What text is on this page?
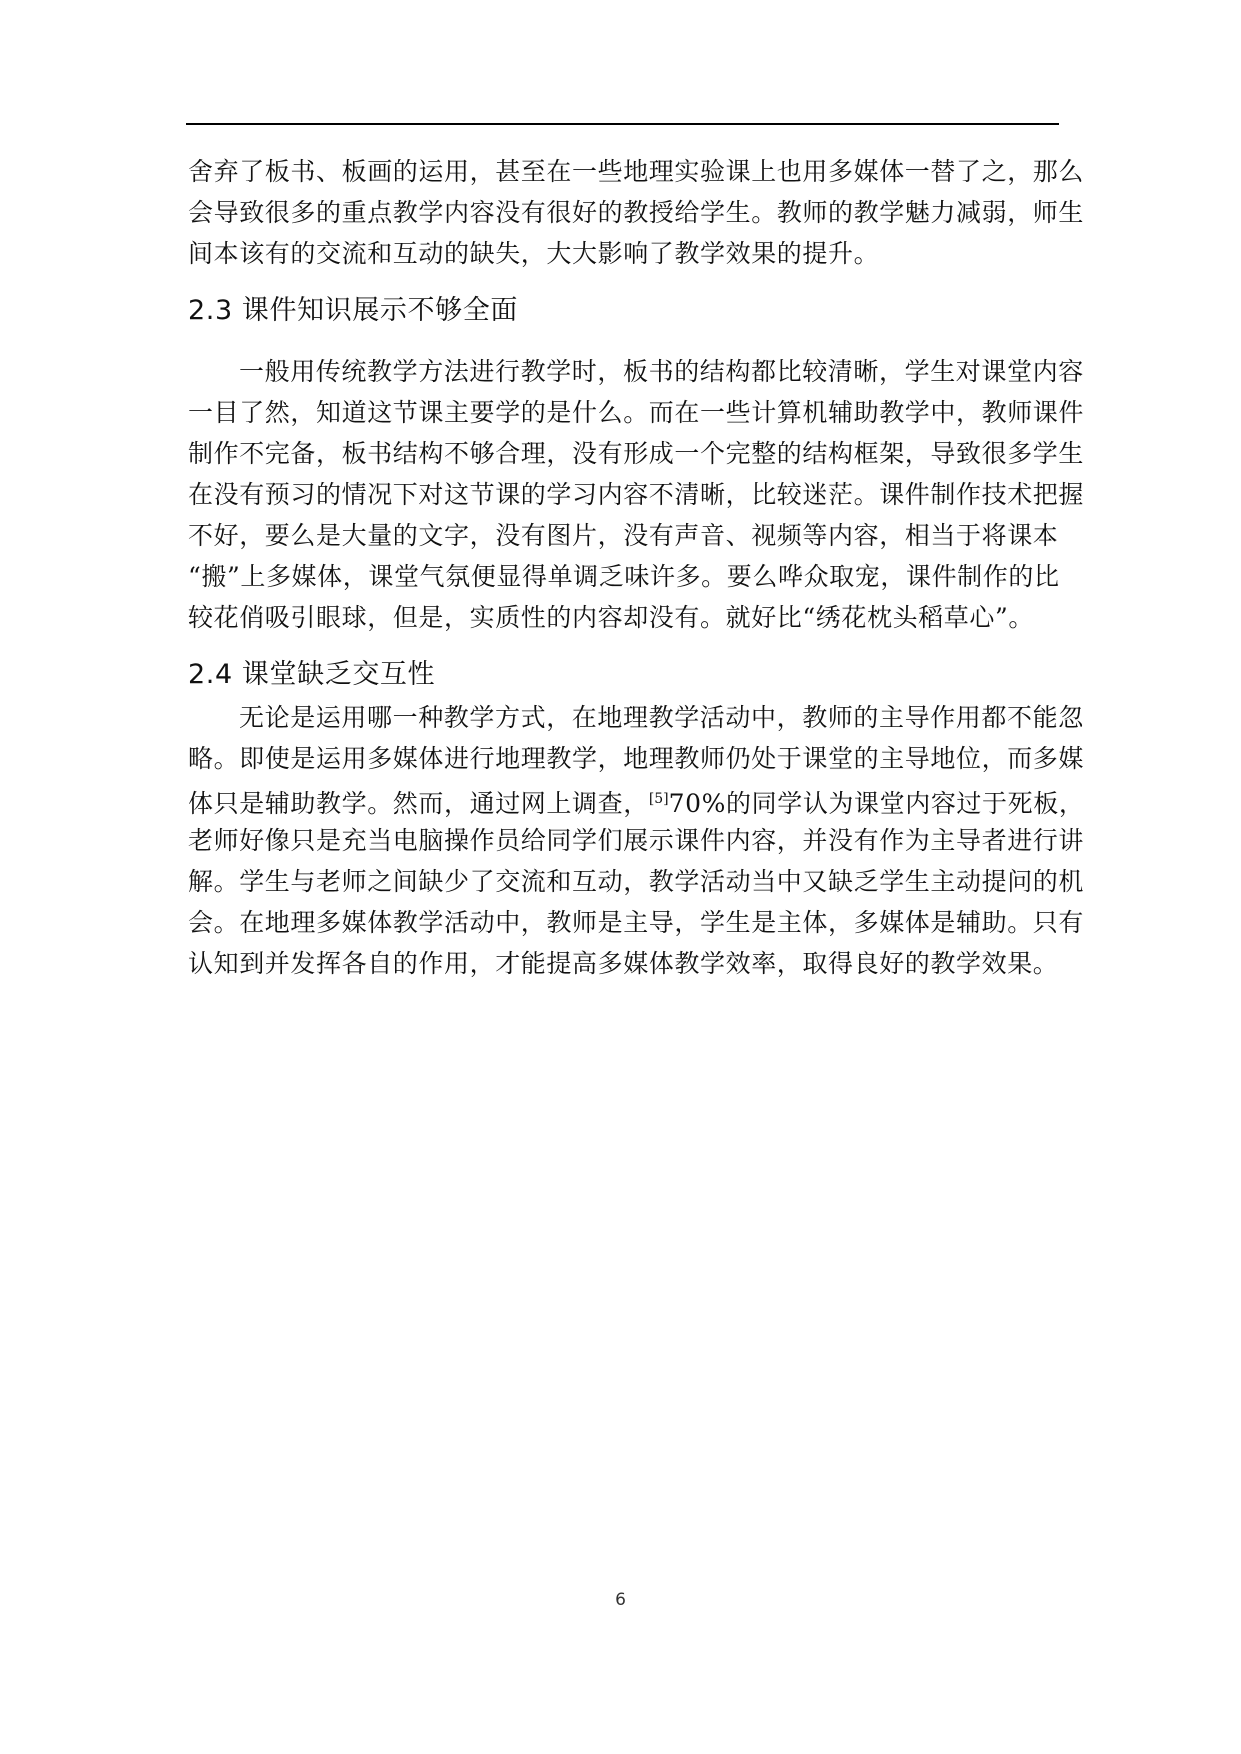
舍弃了板书、板画的运用，甚至在一些地理实验课上也用多媒体一替了之，那么
会导致很多的重点教学内容没有很好的教授给学生。教师的教学魅力减弱，师生
间本该有的交流和互动的缺失，大大影响了教学效果的提升。
2.3 课件知识展示不够全面
一般用传统教学方法进行教学时，板书的结构都比较清晰，学生对课堂内容
一目了然，知道这节课主要学的是什么。而在一些计算机辅助教学中，教师课件
制作不完备，板书结构不够合理，没有形成一个完整的结构框架，导致很多学生
在没有预习的情况下对这节课的学习内容不清晰，比较迷茫。课件制作技术把握
不好，要么是大量的文字，没有图片，没有声音、视频等内容，相当于将课本
“搬”上多媒体，课堂气氛便显得单调乏味许多。要么哗众取宠，课件制作的比
较花俏吸引眼球，但是，实质性的内容却没有。就好比“绣花枕头稻草心”。
2.4 课堂缺乏交互性
无论是运用哪一种教学方式，在地理教学活动中，教师的主导作用都不能忽
略。即使是运用多媒体进行地理教学，地理教师仍处于课堂的主导地位，而多媒
体只是辅助教学。然而，通过网上调查，[5]70%的同学认为课堂内容过于死板，
老师好像只是充当电脑操作员给同学们展示课件内容，并没有作为主导者进行讲
解。学生与老师之间缺少了交流和互动，教学活动当中又缺乏学生主动提问的机
会。在地理多媒体教学活动中，教师是主导，学生是主体，多媒体是辅助。只有
认知到并发挥各自的作用，才能提高多媒体教学效率，取得良好的教学效果。
6
